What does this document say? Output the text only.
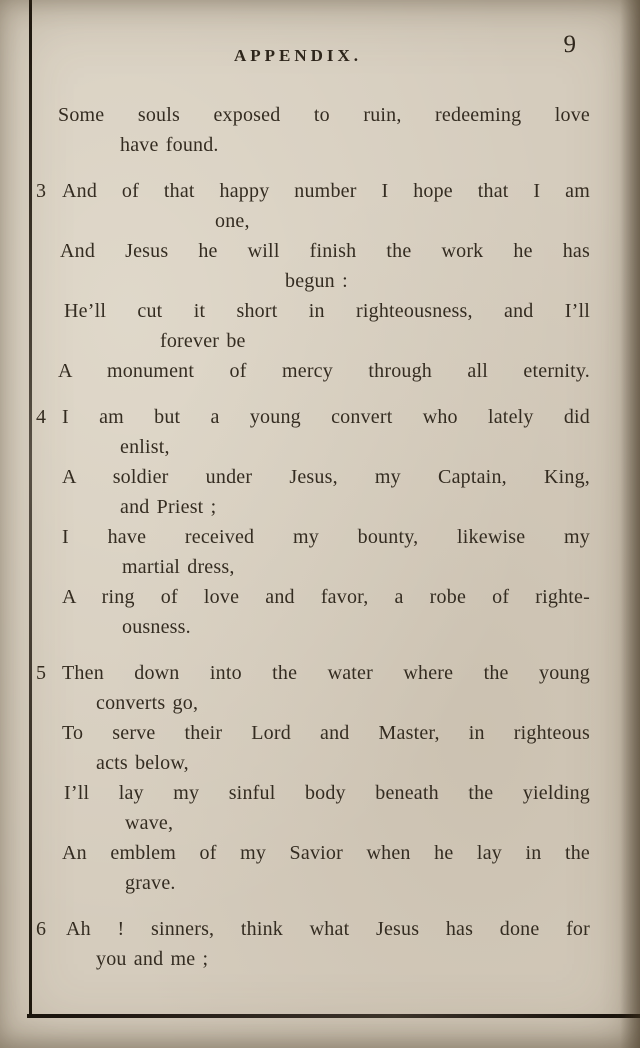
APPENDIX.	9
Some souls exposed to ruin, redeeming love
have found.
3 And of that happy number I hope that I am
one,
And Jesus he will finish the work he has
begun :
He’ll cut it short in righteousness, and I’ll
forever be
A monument of mercy through all eternity.
4 I am but a young convert who lately did
enlist,
A soldier under Jesus, my Captain, King,
and Priest ;
I have received my bounty, likewise my
martial dress,
A ring of love and favor, a robe of righte-
ousness.
5 Then down into the water where the young
converts go,
To serve their Lord and Master, in righteous
acts below,
I’ll lay my sinful body beneath the yielding
wave,
An emblem of my Savior when he lay in the
grave.
6 Ah ! sinners, think what Jesus has done for
you and me ;
